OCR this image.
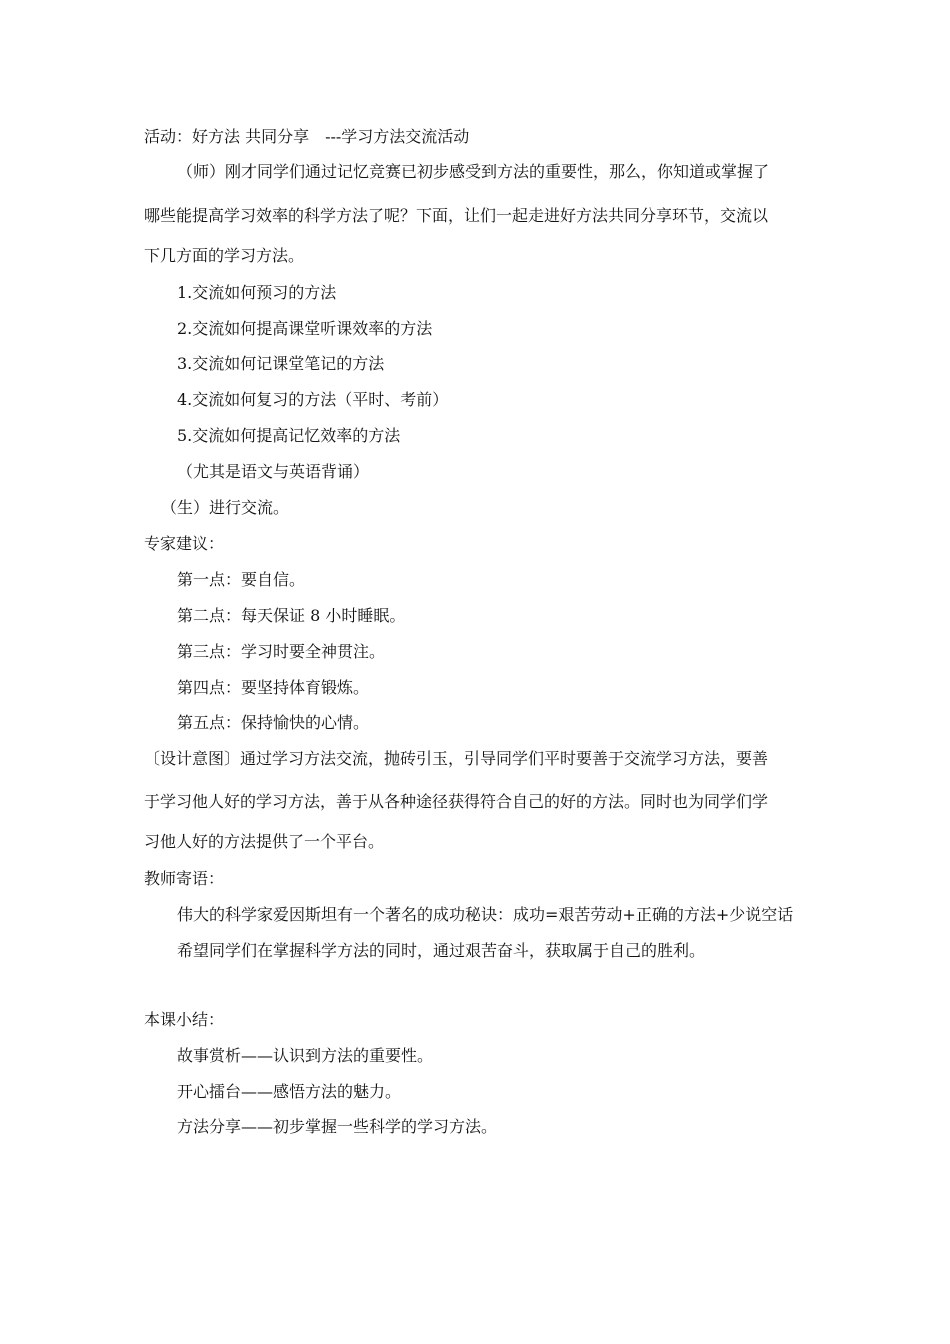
活动：好方法 共同分享　---学习方法交流活动
（师）刚才同学们通过记忆竞赛已初步感受到方法的重要性，那么，你知道或掌握了
哪些能提高学习效率的科学方法了呢？下面，让们一起走进好方法共同分享环节，交流以
下几方面的学习方法。
1.交流如何预习的方法
2.交流如何提高课堂听课效率的方法
3.交流如何记课堂笔记的方法
4.交流如何复习的方法（平时、考前）
5.交流如何提高记忆效率的方法
（尤其是语文与英语背诵）
（生）进行交流。
专家建议：
第一点：要自信。
第二点：每天保证 8 小时睡眠。
第三点：学习时要全神贯注。
第四点：要坚持体育锻炼。
第五点：保持愉快的心情。
〔设计意图〕通过学习方法交流，抛砖引玉，引导同学们平时要善于交流学习方法，要善
于学习他人好的学习方法，善于从各种途径获得符合自己的好的方法。同时也为同学们学
习他人好的方法提供了一个平台。
教师寄语：
伟大的科学家爱因斯坦有一个著名的成功秘诀：成功=艰苦劳动+正确的方法+少说空话
希望同学们在掌握科学方法的同时，通过艰苦奋斗，获取属于自己的胜利。
本课小结：
故事赏析——认识到方法的重要性。
开心擂台——感悟方法的魅力。
方法分享——初步掌握一些科学的学习方法。
